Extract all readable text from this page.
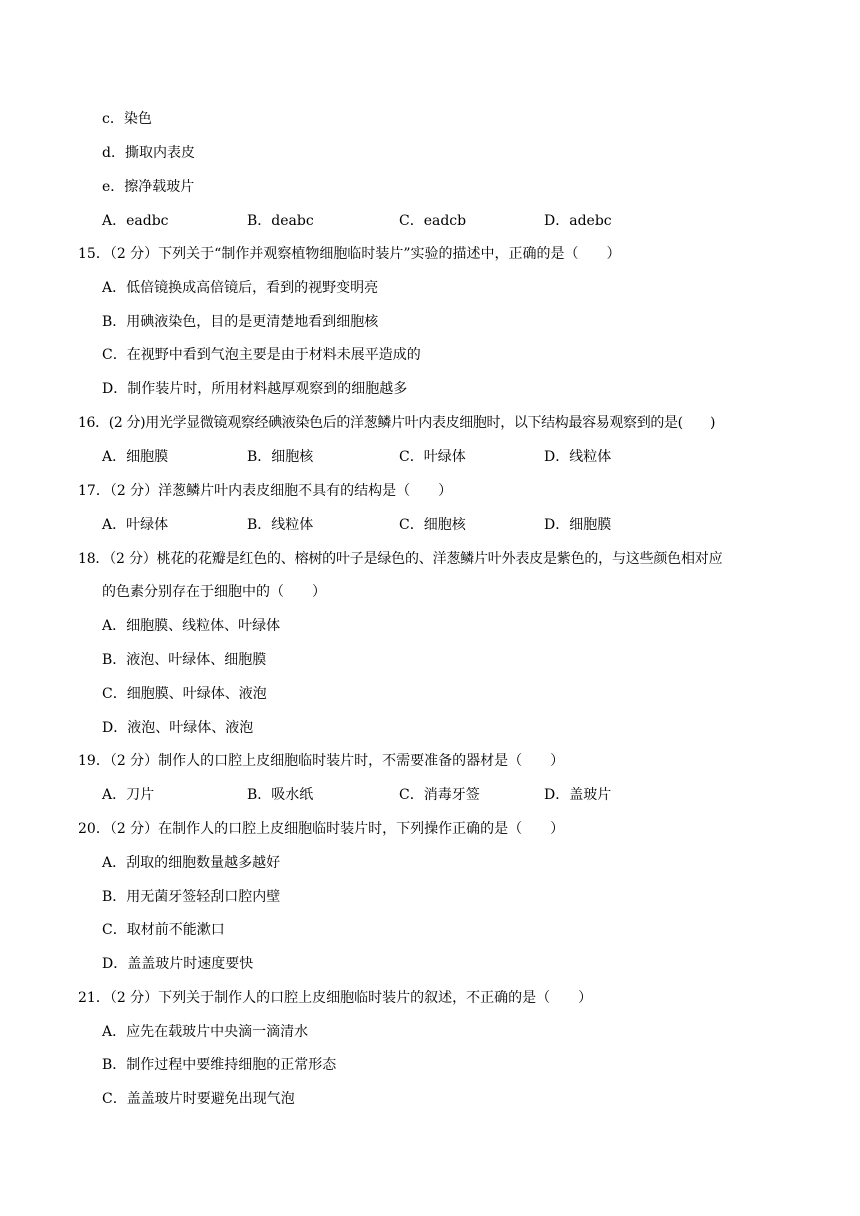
c．染色
d．撕取内表皮
e．擦净载玻片
A．eadbc	B．deabc	C．eadcb	D．adebc
15．（2 分）下列关于“制作并观察植物细胞临时装片”实验的描述中，正确的是（　　）
A．低倍镜换成高倍镜后，看到的视野变明亮
B．用碘液染色，目的是更清楚地看到细胞核
C．在视野中看到气泡主要是由于材料未展平造成的
D．制作装片时，所用材料越厚观察到的细胞越多
16．(2 分)用光学显微镜观察经碘液染色后的洋葱鳞片叶内表皮细胞时，以下结构最容易观察到的是(　　)
A．细胞膜	B．细胞核	C．叶绿体	D．线粒体
17．（2 分）洋葱鳞片叶内表皮细胞不具有的结构是（　　）
A．叶绿体	B．线粒体	C．细胞核	D．细胞膜
18．（2 分）桃花的花瓣是红色的、榕树的叶子是绿色的、洋葱鳞片叶外表皮是紫色的，与这些颜色相对应
的色素分别存在于细胞中的（　　）
A．细胞膜、线粒体、叶绿体
B．液泡、叶绿体、细胞膜
C．细胞膜、叶绿体、液泡
D．液泡、叶绿体、液泡
19．（2 分）制作人的口腔上皮细胞临时装片时，不需要准备的器材是（　　）
A．刀片	B．吸水纸	C．消毒牙签	D．盖玻片
20．（2 分）在制作人的口腔上皮细胞临时装片时，下列操作正确的是（　　）
A．刮取的细胞数量越多越好
B．用无菌牙签轻刮口腔内壁
C．取材前不能漱口
D．盖盖玻片时速度要快
21．（2 分）下列关于制作人的口腔上皮细胞临时装片的叙述，不正确的是（　　）
A．应先在载玻片中央滴一滴清水
B．制作过程中要维持细胞的正常形态
C．盖盖玻片时要避免出现气泡
